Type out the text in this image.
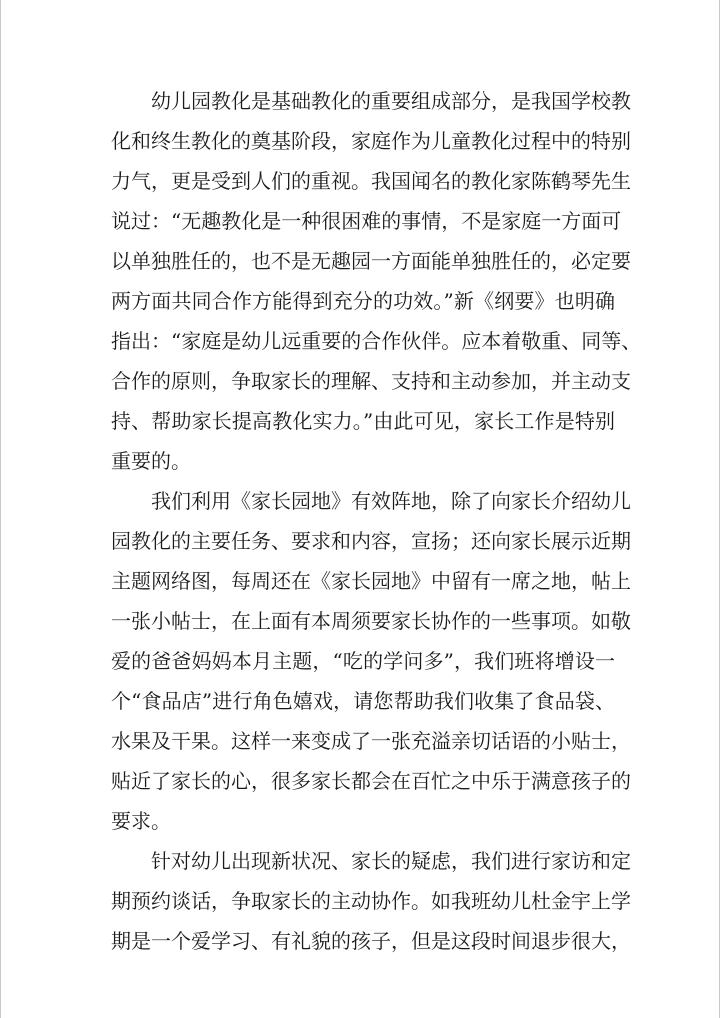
幼儿园教化是基础教化的重要组成部分，是我国学校教
化和终生教化的奠基阶段，家庭作为儿童教化过程中的特别
力气，更是受到人们的重视。我国闻名的教化家陈鹤琴先生
说过：“无趣教化是一种很困难的事情，不是家庭一方面可
以单独胜任的，也不是无趣园一方面能单独胜任的，必定要
两方面共同合作方能得到充分的功效。”新《纲要》也明确
指出：“家庭是幼儿远重要的合作伙伴。应本着敬重、同等、
合作的原则，争取家长的理解、支持和主动参加，并主动支
持、帮助家长提高教化实力。”由此可见，家长工作是特别
重要的。
我们利用《家长园地》有效阵地，除了向家长介绍幼儿
园教化的主要任务、要求和内容，宣扬；还向家长展示近期
主题网络图，每周还在《家长园地》中留有一席之地，帖上
一张小帖士，在上面有本周须要家长协作的一些事项。如敬
爱的爸爸妈妈本月主题，“吃的学问多”，我们班将增设一
个“食品店”进行角色嬉戏，请您帮助我们收集了食品袋、
水果及干果。这样一来变成了一张充溢亲切话语的小贴士，
贴近了家长的心，很多家长都会在百忙之中乐于满意孩子的
要求。
针对幼儿出现新状况、家长的疑虑，我们进行家访和定
期预约谈话，争取家长的主动协作。如我班幼儿杜金宇上学
期是一个爱学习、有礼貌的孩子，但是这段时间退步很大，
